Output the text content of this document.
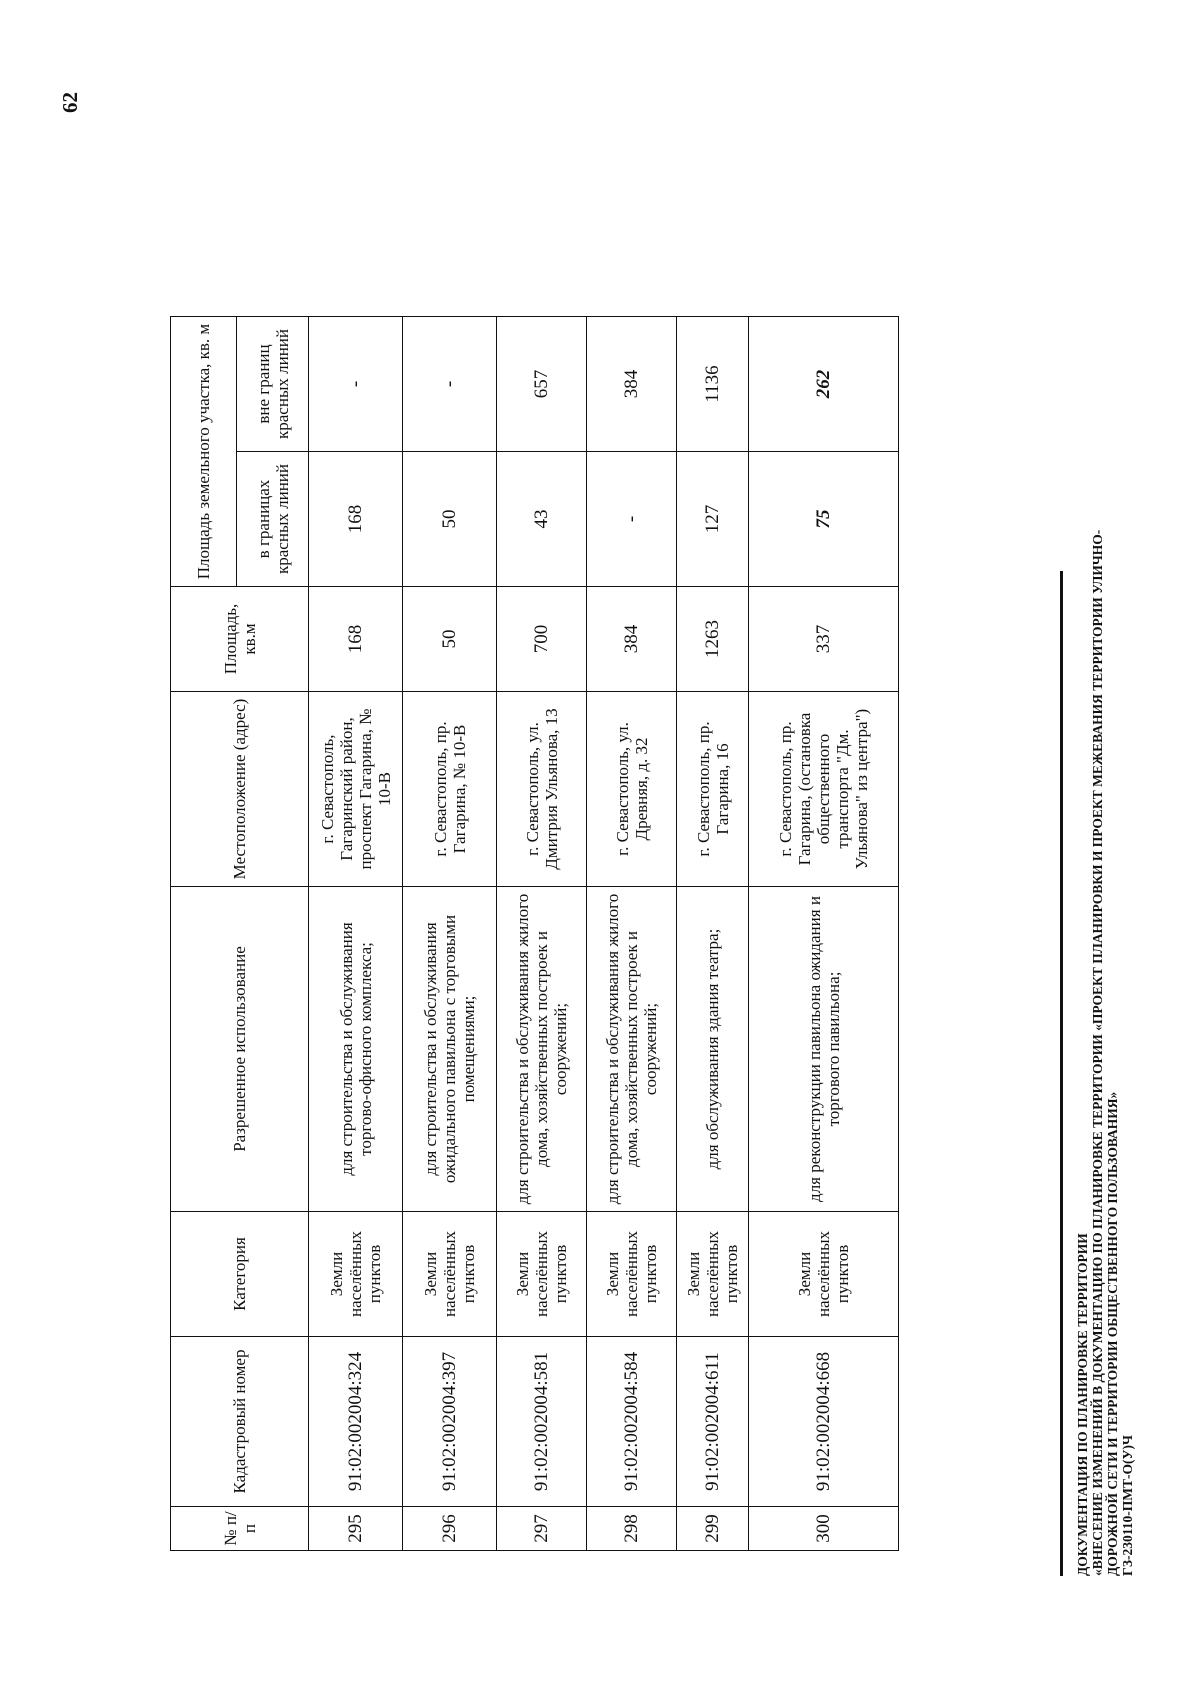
62
ДОКУМЕНТАЦИЯ ПО ПЛАНИРОВКЕ ТЕРРИТОРИИ «ВНЕСЕНИЕ ИЗМЕНЕНИЙ В ДОКУМЕНТАЦИЮ ПО ПЛАНИРОВКЕ ТЕРРИТОРИИ «ПРОЕКТ ПЛАНИРОВКИ И ПРОЕКТ МЕЖЕВАНИЯ ТЕРРИТОРИИ УЛИЧНО- ДОРОЖНОЙ СЕТИ И ТЕРРИТОРИИ ОБЩЕСТВЕННОГО ПОЛЬЗОВАНИЯ» ГЗ-230110-ПМТ-О(У)Ч
№ п/п	Кадастровый номер	Категория	Разрешенное использование	Местоположение (адрес)	Площадь, кв.м	Площадь земельного участка, кв. м	
						в границах красных линий	вне границ красных линий
295	91:02:002004:324	Земли населённых пунктов	для строительства и обслуживания торгово-офисного комплекса;	г. Севастополь, Гагаринский район, проспект Гагарина, № 10-В	168	168	-
296	91:02:002004:397	Земли населённых пунктов	для строительства и обслуживания ожидального павильона с торговыми помещениями;	г. Севастополь, пр. Гагарина, № 10-В	50	50	-
297	91:02:002004:581	Земли населённых пунктов	для строительства и обслуживания жилого дома, хозяйственных построек и сооружений;	г. Севастополь, ул. Дмитрия Ульянова, 13	700	43	657
298	91:02:002004:584	Земли населённых пунктов	для строительства и обслуживания жилого дома, хозяйственных построек и сооружений;	г. Севастополь, ул. Древняя, д. 32	384	-	384
299	91:02:002004:611	Земли населённых пунктов	для обслуживания здания театра;	г. Севастополь, пр. Гагарина, 16	1263	127	1136
300	91:02:002004:668	Земли населённых пунктов	для реконструкции павильона ожидания и торгового павильона;	г. Севастополь, пр. Гагарина, (остановка общественного транспорта "Дм. Ульянова" из центра")	337	75	262
